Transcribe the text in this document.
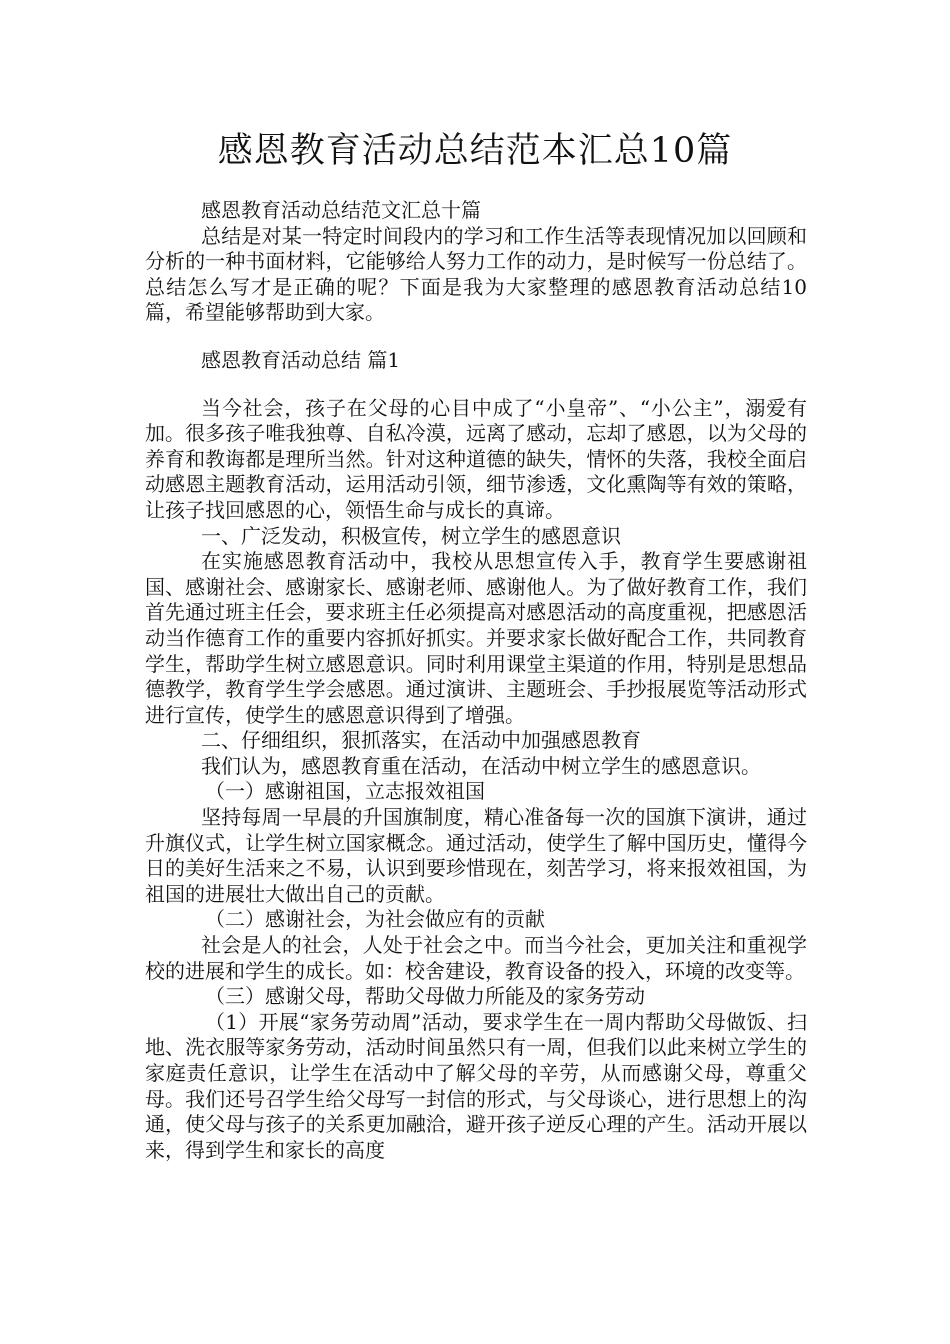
感恩教育活动总结范本汇总10篇

感恩教育活动总结范文汇总十篇

总结是对某一特定时间段内的学习和工作生活等表现情况加以回顾和分析的一种书面材料，它能够给人努力工作的动力，是时候写一份总结了。总结怎么写才是正确的呢？下面是我为大家整理的感恩教育活动总结10篇，希望能够帮助到大家。

感恩教育活动总结 篇1

当今社会，孩子在父母的心目中成了“小皇帝”、“小公主”，溺爱有加。很多孩子唯我独尊、自私冷漠，远离了感动，忘却了感恩，以为父母的养育和教诲都是理所当然。针对这种道德的缺失，情怀的失落，我校全面启动感恩主题教育活动，运用活动引领，细节渗透，文化熏陶等有效的策略，让孩子找回感恩的心，领悟生命与成长的真谛。

一、广泛发动，积极宣传，树立学生的感恩意识

在实施感恩教育活动中，我校从思想宣传入手，教育学生要感谢祖国、感谢社会、感谢家长、感谢老师、感谢他人。为了做好教育工作，我们首先通过班主任会，要求班主任必须提高对感恩活动的高度重视，把感恩活动当作德育工作的重要内容抓好抓实。并要求家长做好配合工作，共同教育学生，帮助学生树立感恩意识。同时利用课堂主渠道的作用，特别是思想品德教学，教育学生学会感恩。通过演讲、主题班会、手抄报展览等活动形式进行宣传，使学生的感恩意识得到了增强。

二、仔细组织，狠抓落实，在活动中加强感恩教育

我们认为，感恩教育重在活动，在活动中树立学生的感恩意识。

（一）感谢祖国，立志报效祖国

坚持每周一早晨的升国旗制度，精心准备每一次的国旗下演讲，通过升旗仪式，让学生树立国家概念。通过活动，使学生了解中国历史，懂得今日的美好生活来之不易，认识到要珍惜现在，刻苦学习，将来报效祖国，为祖国的进展壮大做出自己的贡献。

（二）感谢社会，为社会做应有的贡献

社会是人的社会，人处于社会之中。而当今社会，更加关注和重视学校的进展和学生的成长。如：校舍建设，教育设备的投入，环境的改变等。

（三）感谢父母，帮助父母做力所能及的家务劳动

（1）开展“家务劳动周”活动，要求学生在一周内帮助父母做饭、扫地、洗衣服等家务劳动，活动时间虽然只有一周，但我们以此来树立学生的家庭责任意识，让学生在活动中了解父母的辛劳，从而感谢父母，尊重父母。我们还号召学生给父母写一封信的形式，与父母谈心，进行思想上的沟通，使父母与孩子的关系更加融洽，避开孩子逆反心理的产生。活动开展以来，得到学生和家长的高度
